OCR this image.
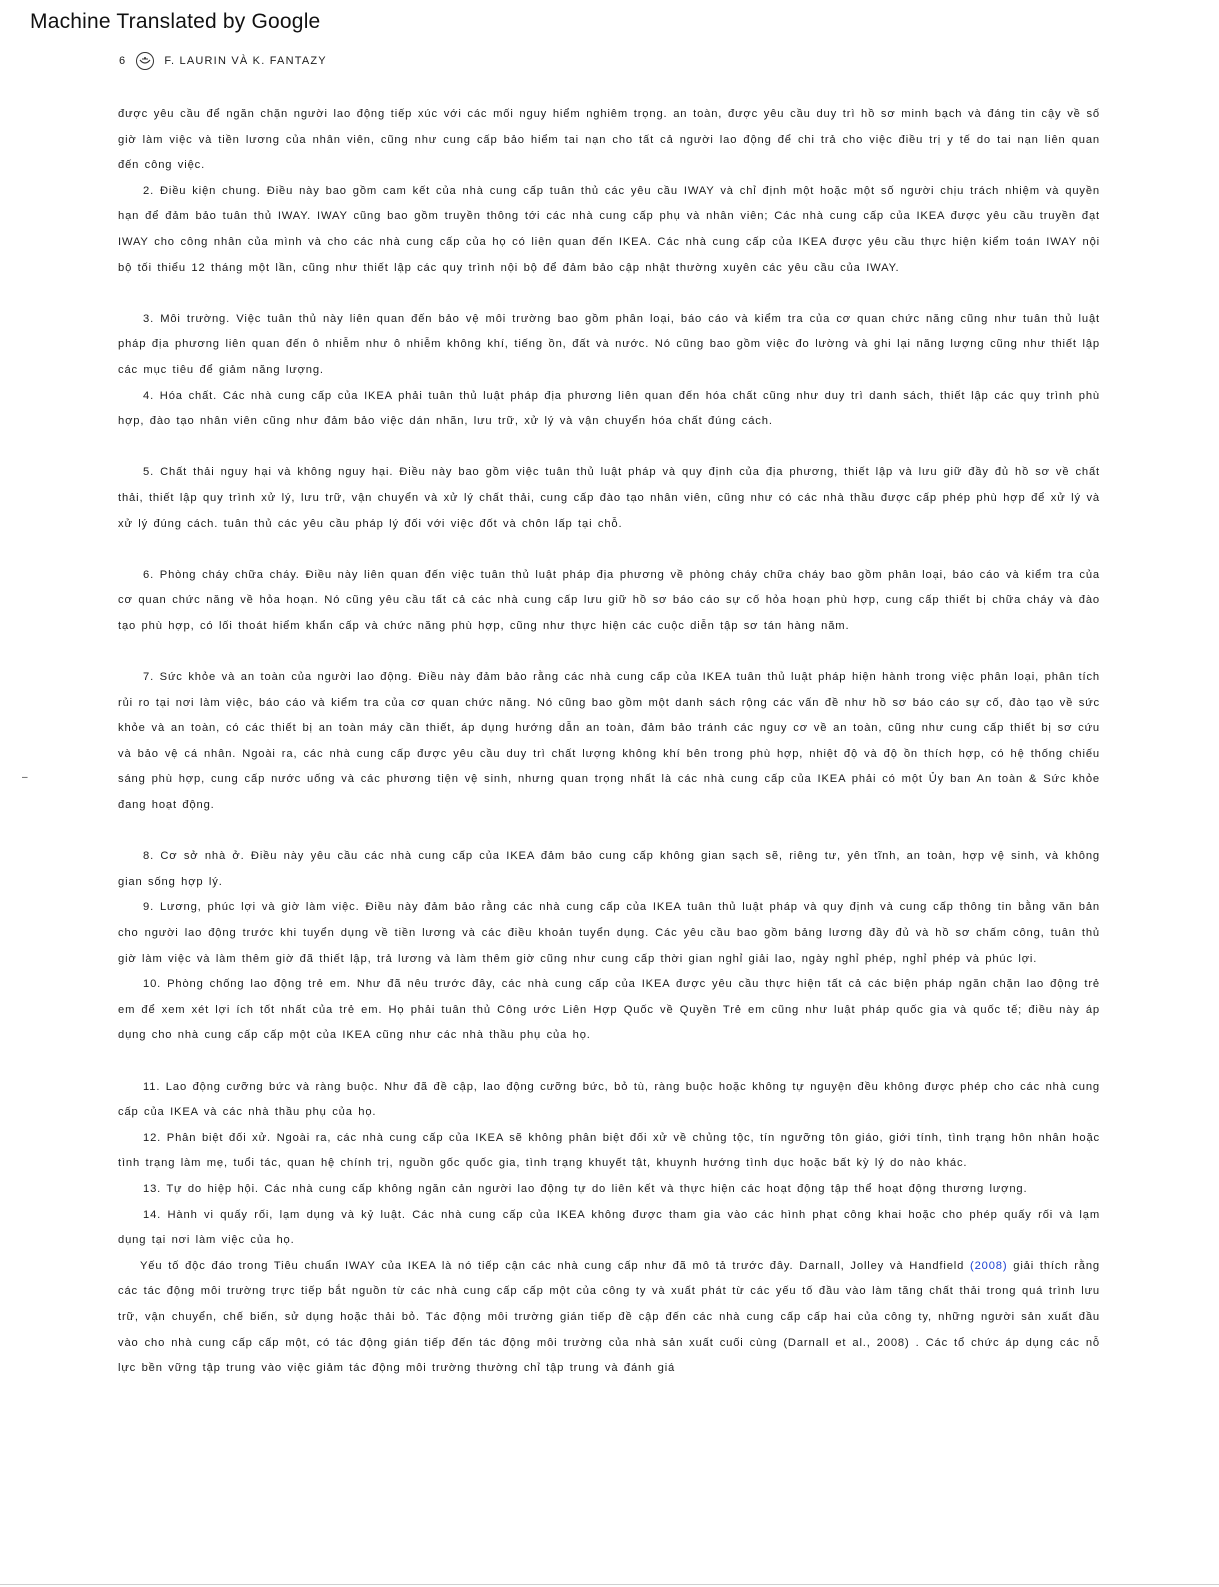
Machine Translated by Google
6	F. LAURIN VÀ K. FANTAZY
–

được yêu cầu để ngăn chặn người lao động tiếp xúc với các mối nguy hiểm nghiêm trọng. an toàn, được yêu cầu duy trì hồ sơ minh bạch và đáng tin cậy về số giờ làm việc và tiền lương của nhân viên, cũng như cung cấp bảo hiểm tai nạn cho tất cả người lao động để chi trả cho việc điều trị y tế do tai nạn liên quan đến công việc.

2. Điều kiện chung. Điều này bao gồm cam kết của nhà cung cấp tuân thủ các yêu cầu IWAY và chỉ định một hoặc một số người chịu trách nhiệm và quyền hạn để đảm bảo tuân thủ IWAY. IWAY cũng bao gồm truyền thông tới các nhà cung cấp phụ và nhân viên; Các nhà cung cấp của IKEA được yêu cầu truyền đạt IWAY cho công nhân của mình và cho các nhà cung cấp của họ có liên quan đến IKEA. Các nhà cung cấp của IKEA được yêu cầu thực hiện kiểm toán IWAY nội bộ tối thiểu 12 tháng một lần, cũng như thiết lập các quy trình nội bộ để đảm bảo cập nhật thường xuyên các yêu cầu của IWAY.

3. Môi trường. Việc tuân thủ này liên quan đến bảo vệ môi trường bao gồm phân loại, báo cáo và kiểm tra của cơ quan chức năng cũng như tuân thủ luật pháp địa phương liên quan đến ô nhiễm như ô nhiễm không khí, tiếng ồn, đất và nước. Nó cũng bao gồm việc đo lường và ghi lại năng lượng cũng như thiết lập các mục tiêu để giảm năng lượng.

4. Hóa chất. Các nhà cung cấp của IKEA phải tuân thủ luật pháp địa phương liên quan đến hóa chất cũng như duy trì danh sách, thiết lập các quy trình phù hợp, đào tạo nhân viên cũng như đảm bảo việc dán nhãn, lưu trữ, xử lý và vận chuyển hóa chất đúng cách.

5. Chất thải nguy hại và không nguy hại. Điều này bao gồm việc tuân thủ luật pháp và quy định của địa phương, thiết lập và lưu giữ đầy đủ hồ sơ về chất thải, thiết lập quy trình xử lý, lưu trữ, vận chuyển và xử lý chất thải, cung cấp đào tạo nhân viên, cũng như có các nhà thầu được cấp phép phù hợp để xử lý và xử lý đúng cách. tuân thủ các yêu cầu pháp lý đối với việc đốt và chôn lấp tại chỗ.

6. Phòng cháy chữa cháy. Điều này liên quan đến việc tuân thủ luật pháp địa phương về phòng cháy chữa cháy bao gồm phân loại, báo cáo và kiểm tra của cơ quan chức năng về hỏa hoạn. Nó cũng yêu cầu tất cả các nhà cung cấp lưu giữ hồ sơ báo cáo sự cố hỏa hoạn phù hợp, cung cấp thiết bị chữa cháy và đào tạo phù hợp, có lối thoát hiểm khẩn cấp và chức năng phù hợp, cũng như thực hiện các cuộc diễn tập sơ tán hàng năm.

7. Sức khỏe và an toàn của người lao động. Điều này đảm bảo rằng các nhà cung cấp của IKEA tuân thủ luật pháp hiện hành trong việc phân loại, phân tích rủi ro tại nơi làm việc, báo cáo và kiểm tra của cơ quan chức năng. Nó cũng bao gồm một danh sách rộng các vấn đề như hồ sơ báo cáo sự cố, đào tạo về sức khỏe và an toàn, có các thiết bị an toàn máy cần thiết, áp dụng hướng dẫn an toàn, đảm bảo tránh các nguy cơ về an toàn, cũng như cung cấp thiết bị sơ cứu và bảo vệ cá nhân. Ngoài ra, các nhà cung cấp được yêu cầu duy trì chất lượng không khí bên trong phù hợp, nhiệt độ và độ ồn thích hợp, có hệ thống chiếu sáng phù hợp, cung cấp nước uống và các phương tiện vệ sinh, nhưng quan trọng nhất là các nhà cung cấp của IKEA phải có một Ủy ban An toàn & Sức khỏe đang hoạt động.

8. Cơ sở nhà ở. Điều này yêu cầu các nhà cung cấp của IKEA đảm bảo cung cấp không gian sạch sẽ, riêng tư, yên tĩnh, an toàn, hợp vệ sinh, và không gian sống hợp lý.

9. Lương, phúc lợi và giờ làm việc. Điều này đảm bảo rằng các nhà cung cấp của IKEA tuân thủ luật pháp và quy định và cung cấp thông tin bằng văn bản cho người lao động trước khi tuyển dụng về tiền lương và các điều khoản tuyển dụng. Các yêu cầu bao gồm bảng lương đầy đủ và hồ sơ chấm công, tuân thủ giờ làm việc và làm thêm giờ đã thiết lập, trả lương và làm thêm giờ cũng như cung cấp thời gian nghỉ giải lao, ngày nghỉ phép, nghỉ phép và phúc lợi.

10. Phòng chống lao động trẻ em. Như đã nêu trước đây, các nhà cung cấp của IKEA được yêu cầu thực hiện tất cả các biện pháp ngăn chặn lao động trẻ em để xem xét lợi ích tốt nhất của trẻ em. Họ phải tuân thủ Công ước Liên Hợp Quốc về Quyền Trẻ em cũng như luật pháp quốc gia và quốc tế; điều này áp dụng cho nhà cung cấp cấp một của IKEA cũng như các nhà thầu phụ của họ.

11. Lao động cưỡng bức và ràng buộc. Như đã đề cập, lao động cưỡng bức, bỏ tù, ràng buộc hoặc không tự nguyện đều không được phép cho các nhà cung cấp của IKEA và các nhà thầu phụ của họ.

12. Phân biệt đối xử. Ngoài ra, các nhà cung cấp của IKEA sẽ không phân biệt đối xử về chủng tộc, tín ngưỡng tôn giáo, giới tính, tình trạng hôn nhân hoặc tình trạng làm mẹ, tuổi tác, quan hệ chính trị, nguồn gốc quốc gia, tình trạng khuyết tật, khuynh hướng tình dục hoặc bất kỳ lý do nào khác.

13. Tự do hiệp hội. Các nhà cung cấp không ngăn cản người lao động tự do liên kết và thực hiện các hoạt động tập thể hoạt động thương lượng.

14. Hành vi quấy rối, lạm dụng và kỷ luật. Các nhà cung cấp của IKEA không được tham gia vào các hình phạt công khai hoặc cho phép quấy rối và lạm dụng tại nơi làm việc của họ.

Yếu tố độc đáo trong Tiêu chuẩn IWAY của IKEA là nó tiếp cận các nhà cung cấp như đã mô tả trước đây. Darnall, Jolley và Handfield (2008) giải thích rằng các tác động môi trường trực tiếp bắt nguồn từ các nhà cung cấp cấp một của công ty và xuất phát từ các yếu tố đầu vào làm tăng chất thải trong quá trình lưu trữ, vận chuyển, chế biến, sử dụng hoặc thải bỏ. Tác động môi trường gián tiếp đề cập đến các nhà cung cấp cấp hai của công ty, những người sản xuất đầu vào cho nhà cung cấp cấp một, có tác động gián tiếp đến tác động môi trường của nhà sản xuất cuối cùng (Darnall et al., 2008) . Các tổ chức áp dụng các nỗ lực bền vững tập trung vào việc giảm tác động môi trường thường chỉ tập trung và đánh giá
